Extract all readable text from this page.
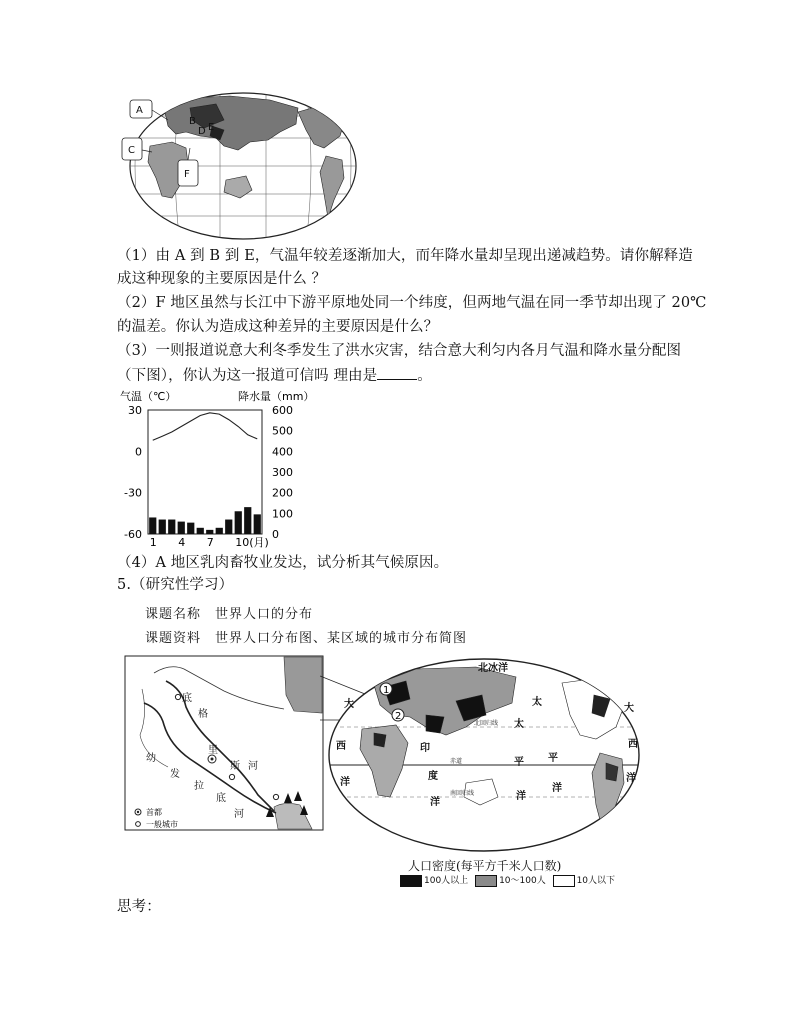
A
B
C
D E
F
（1）由 A 到 B 到 E，气温年较差逐渐加大，而年降水量却呈现出递减趋势。请你解释造
成这种现象的主要原因是什么 ？
（2）F 地区虽然与长江中下游平原地处同一个纬度，但两地气温在同一季节却出现了 20℃
的温差。你认为造成这种差异的主要原因是什么？
（3）一则报道说意大利冬季发生了洪水灾害，结合意大利匀内各月气温和降水量分配图
（下图），你认为这一报道可信吗 理由是	。
气温（℃）	降水量（mm）
30
0
-30
-60
600
500
400
300
200
100
0
1 4 7 10(月)
（4）A 地区乳肉畜牧业发达，试分析其气候原因。
5.（研究性学习）
课题名称 世界人口的分布
课题资料 世界人口分布图、某区域的城市分布简图
底
格
里
斯 河
幼
发
拉
底
河
首都
一般城市
1
2
北冰洋
大
西
洋
太
平
洋
大
西
洋
印
度
洋
太
平
洋
北回归线
赤道
南回归线
人口密度(每平方千米人口数)
100人以上	10～100人	10人以下
思考：
